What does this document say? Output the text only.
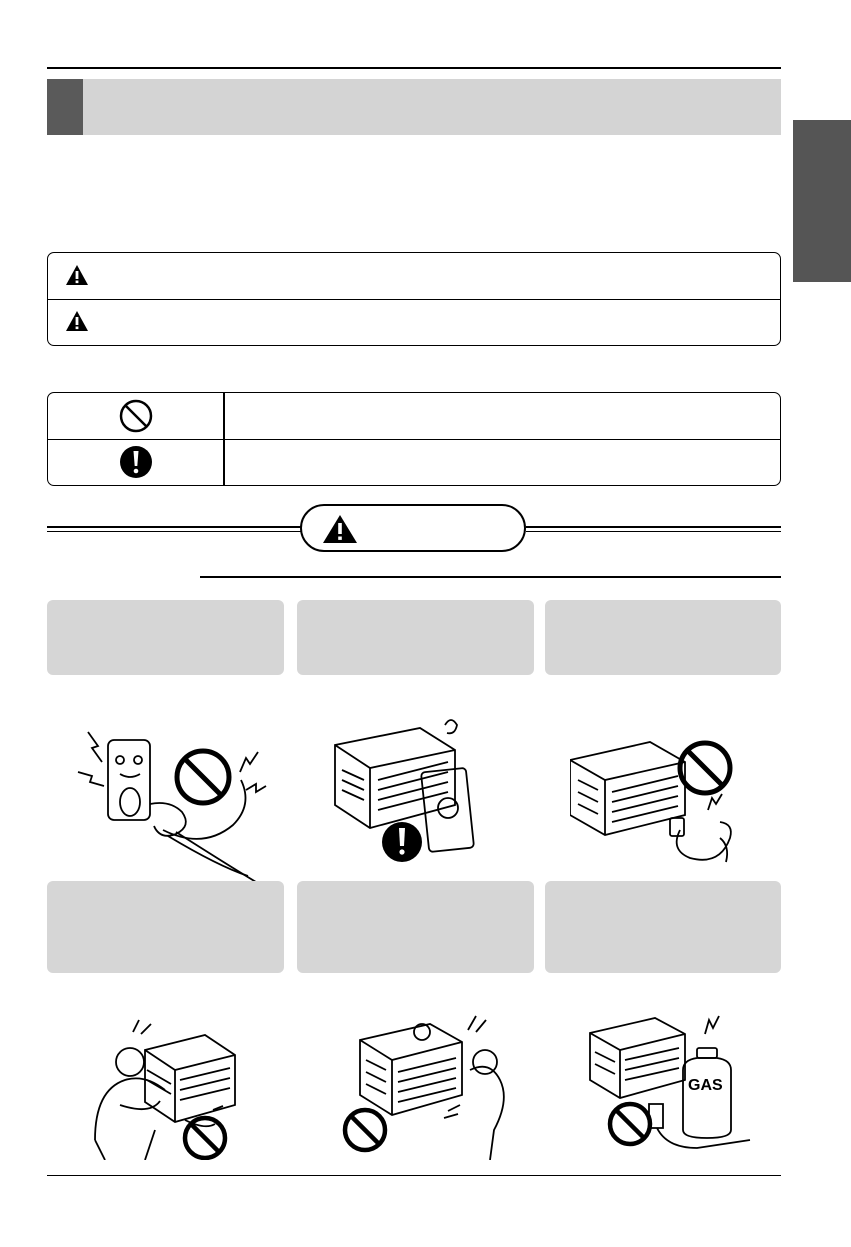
GAS
